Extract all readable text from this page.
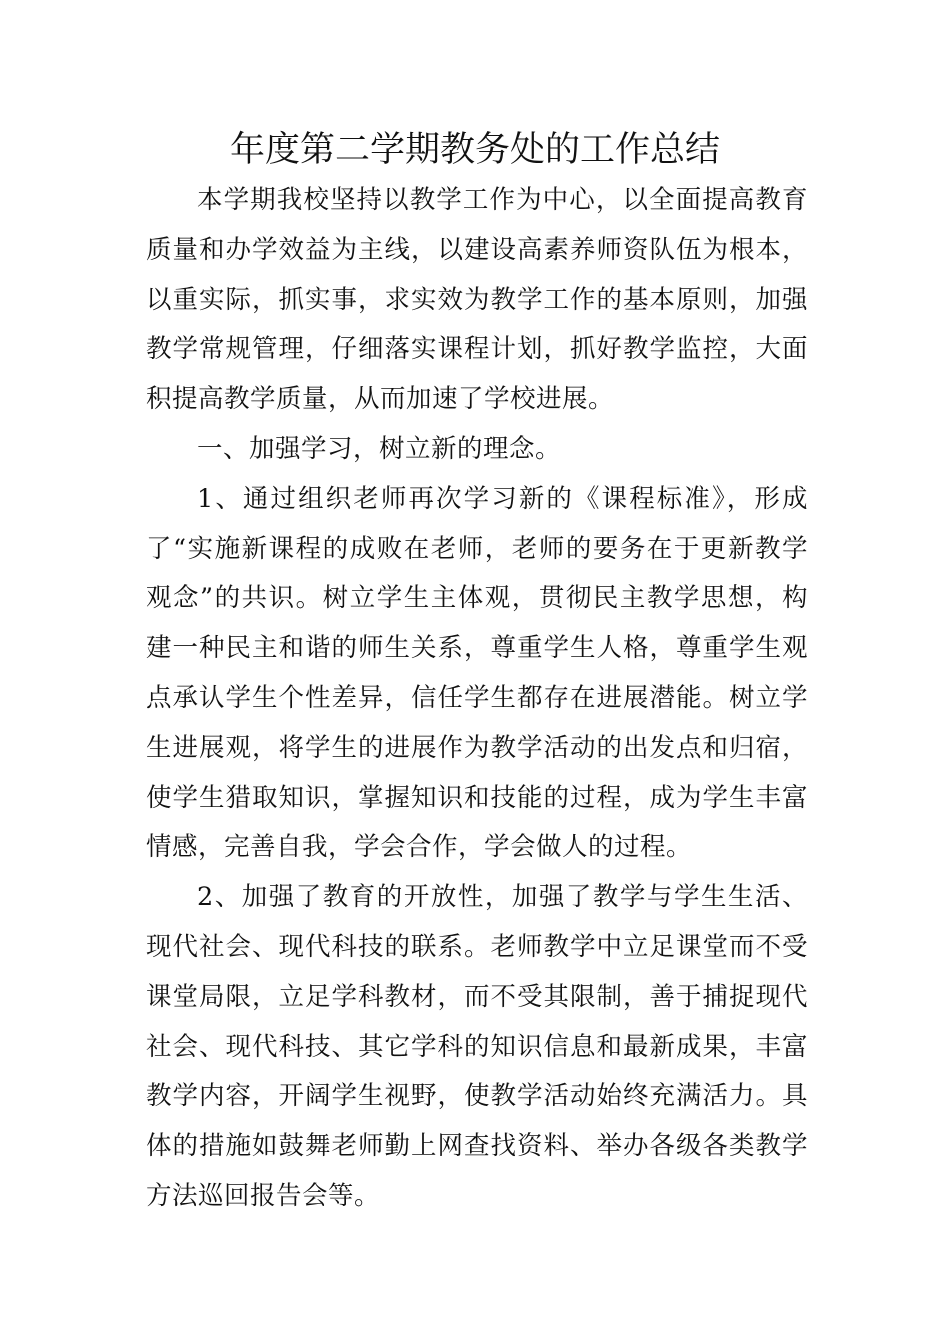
年度第二学期教务处的工作总结

本学期我校坚持以教学工作为中心，以全面提高教育质量和办学效益为主线，以建设高素养师资队伍为根本，以重实际，抓实事，求实效为教学工作的基本原则，加强教学常规管理，仔细落实课程计划，抓好教学监控，大面积提高教学质量，从而加速了学校进展。

一、加强学习，树立新的理念。

1、通过组织老师再次学习新的《课程标准》，形成了“实施新课程的成败在老师，老师的要务在于更新教学观念”的共识。树立学生主体观，贯彻民主教学思想，构建一种民主和谐的师生关系，尊重学生人格，尊重学生观点承认学生个性差异，信任学生都存在进展潜能。树立学生进展观，将学生的进展作为教学活动的出发点和归宿，使学生猎取知识，掌握知识和技能的过程，成为学生丰富情感，完善自我，学会合作，学会做人的过程。

2、加强了教育的开放性，加强了教学与学生生活、现代社会、现代科技的联系。老师教学中立足课堂而不受课堂局限，立足学科教材，而不受其限制，善于捕捉现代社会、现代科技、其它学科的知识信息和最新成果，丰富教学内容，开阔学生视野，使教学活动始终充满活力。具体的措施如鼓舞老师勤上网查找资料、举办各级各类教学方法巡回报告会等。
